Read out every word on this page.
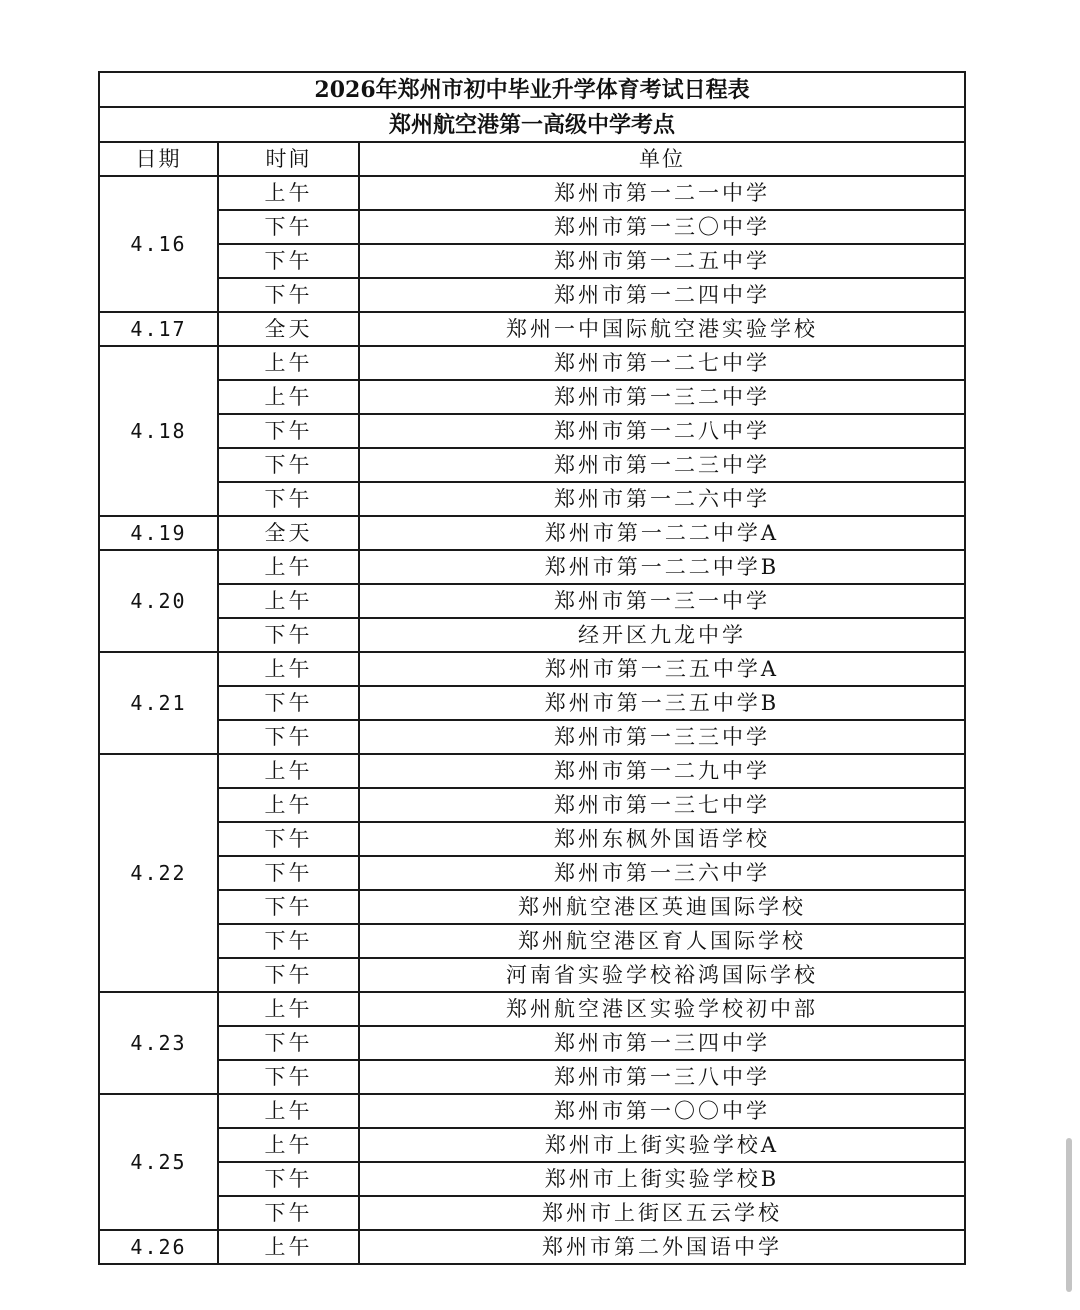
2026年郑州市初中毕业升学体育考试日程表		
郑州航空港第一高级中学考点		
日期	时间	单位
4.16	上午	郑州市第一二一中学
	下午	郑州市第一三〇中学
	下午	郑州市第一二五中学
	下午	郑州市第一二四中学
4.17	全天	郑州一中国际航空港实验学校
4.18	上午	郑州市第一二七中学
	上午	郑州市第一三二中学
	下午	郑州市第一二八中学
	下午	郑州市第一二三中学
	下午	郑州市第一二六中学
4.19	全天	郑州市第一二二中学A
4.20	上午	郑州市第一二二中学B
	上午	郑州市第一三一中学
	下午	经开区九龙中学
4.21	上午	郑州市第一三五中学A
	下午	郑州市第一三五中学B
	下午	郑州市第一三三中学
4.22	上午	郑州市第一二九中学
	上午	郑州市第一三七中学
	下午	郑州东枫外国语学校
	下午	郑州市第一三六中学
	下午	郑州航空港区英迪国际学校
	下午	郑州航空港区育人国际学校
	下午	河南省实验学校裕鸿国际学校
4.23	上午	郑州航空港区实验学校初中部
	下午	郑州市第一三四中学
	下午	郑州市第一三八中学
4.25	上午	郑州市第一〇〇中学
	上午	郑州市上街实验学校A
	下午	郑州市上街实验学校B
	下午	郑州市上街区五云学校
4.26	上午	郑州市第二外国语中学
